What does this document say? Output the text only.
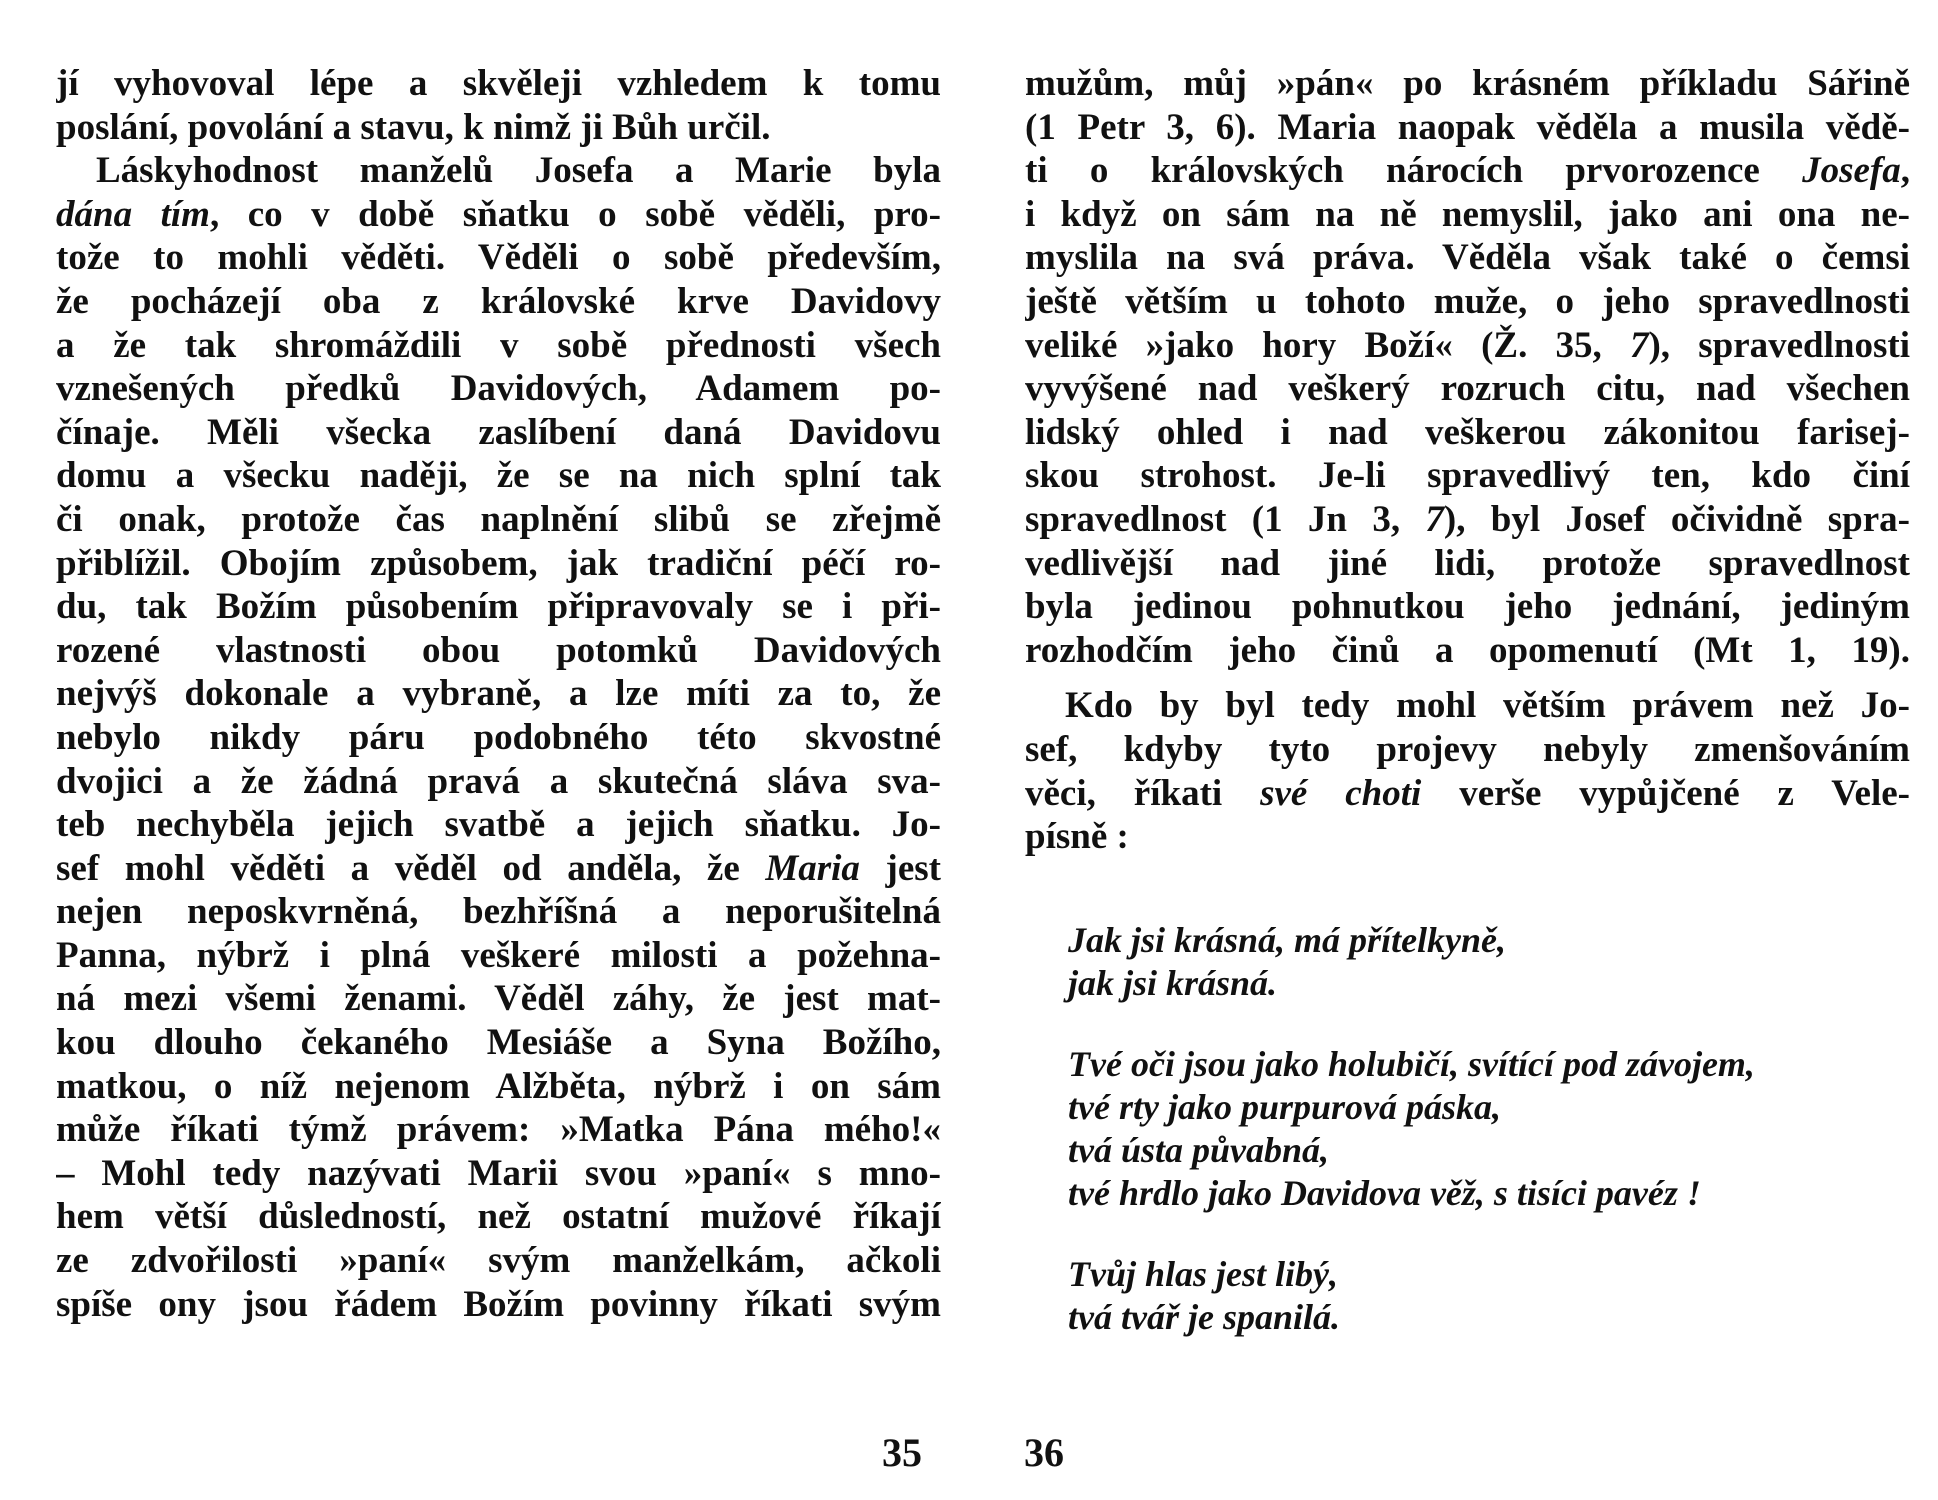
jí vyhovoval lépe a skvěleji vzhledem k tomu
poslání, povolání a stavu, k nimž ji Bůh určil.
Láskyhodnost manželů Josefa a Marie byla
dána tím, co v době sňatku o sobě věděli, pro-
tože to mohli věděti. Věděli o sobě především,
že pocházejí oba z královské krve Davidovy
a že tak shromáždili v sobě přednosti všech
vznešených předků Davidových, Adamem po-
čínaje. Měli všecka zaslíbení daná Davidovu
domu a všecku naději, že se na nich splní tak
či onak, protože čas naplnění slibů se zřejmě
přiblížil. Obojím způsobem, jak tradiční péčí ro-
du, tak Božím působením připravovaly se i při-
rozené vlastnosti obou potomků Davidových
nejvýš dokonale a vybraně, a lze míti za to, že
nebylo nikdy páru podobného této skvostné
dvojici a že žádná pravá a skutečná sláva sva-
teb nechyběla jejich svatbě a jejich sňatku. Jo-
sef mohl věděti a věděl od anděla, že Maria jest
nejen neposkvrněná, bezhříšná a neporušitelná
Panna, nýbrž i plná veškeré milosti a požehna-
ná mezi všemi ženami. Věděl záhy, že jest mat-
kou dlouho čekaného Mesiáše a Syna Božího,
matkou, o níž nejenom Alžběta, nýbrž i on sám
může říkati týmž právem: »Matka Pána mého!«
– Mohl tedy nazývati Marii svou »paní« s mno-
hem větší důsledností, než ostatní mužové říkají
ze zdvořilosti »paní« svým manželkám, ačkoli
spíše ony jsou řádem Božím povinny říkati svým
mužům, můj »pán« po krásném příkladu Sářině
(1 Petr 3, 6). Maria naopak věděla a musila vědě-
ti o královských nárocích prvorozence Josefa,
i když on sám na ně nemyslil, jako ani ona ne-
myslila na svá práva. Věděla však také o čemsi
ještě větším u tohoto muže, o jeho spravedlnosti
veliké »jako hory Boží« (Ž. 35, 7), spravedlnosti
vyvýšené nad veškerý rozruch citu, nad všechen
lidský ohled i nad veškerou zákonitou farisej-
skou strohost. Je-li spravedlivý ten, kdo činí
spravedlnost (1 Jn 3, 7), byl Josef očividně spra-
vedlivější nad jiné lidi, protože spravedlnost
byla jedinou pohnutkou jeho jednání, jediným
rozhodčím jeho činů a opomenutí (Mt 1, 19).
Kdo by byl tedy mohl větším právem než Jo-
sef, kdyby tyto projevy nebyly zmenšováním
věci, říkati své choti verše vypůjčené z Vele-
písně :
Jak jsi krásná, má přítelkyně,
jak jsi krásná.
Tvé oči jsou jako holubičí, svítící pod závojem,
tvé rty jako purpurová páska,
tvá ústa půvabná,
tvé hrdlo jako Davidova věž, s tisíci pavéz !
Tvůj hlas jest libý,
tvá tvář je spanilá.
35	36
